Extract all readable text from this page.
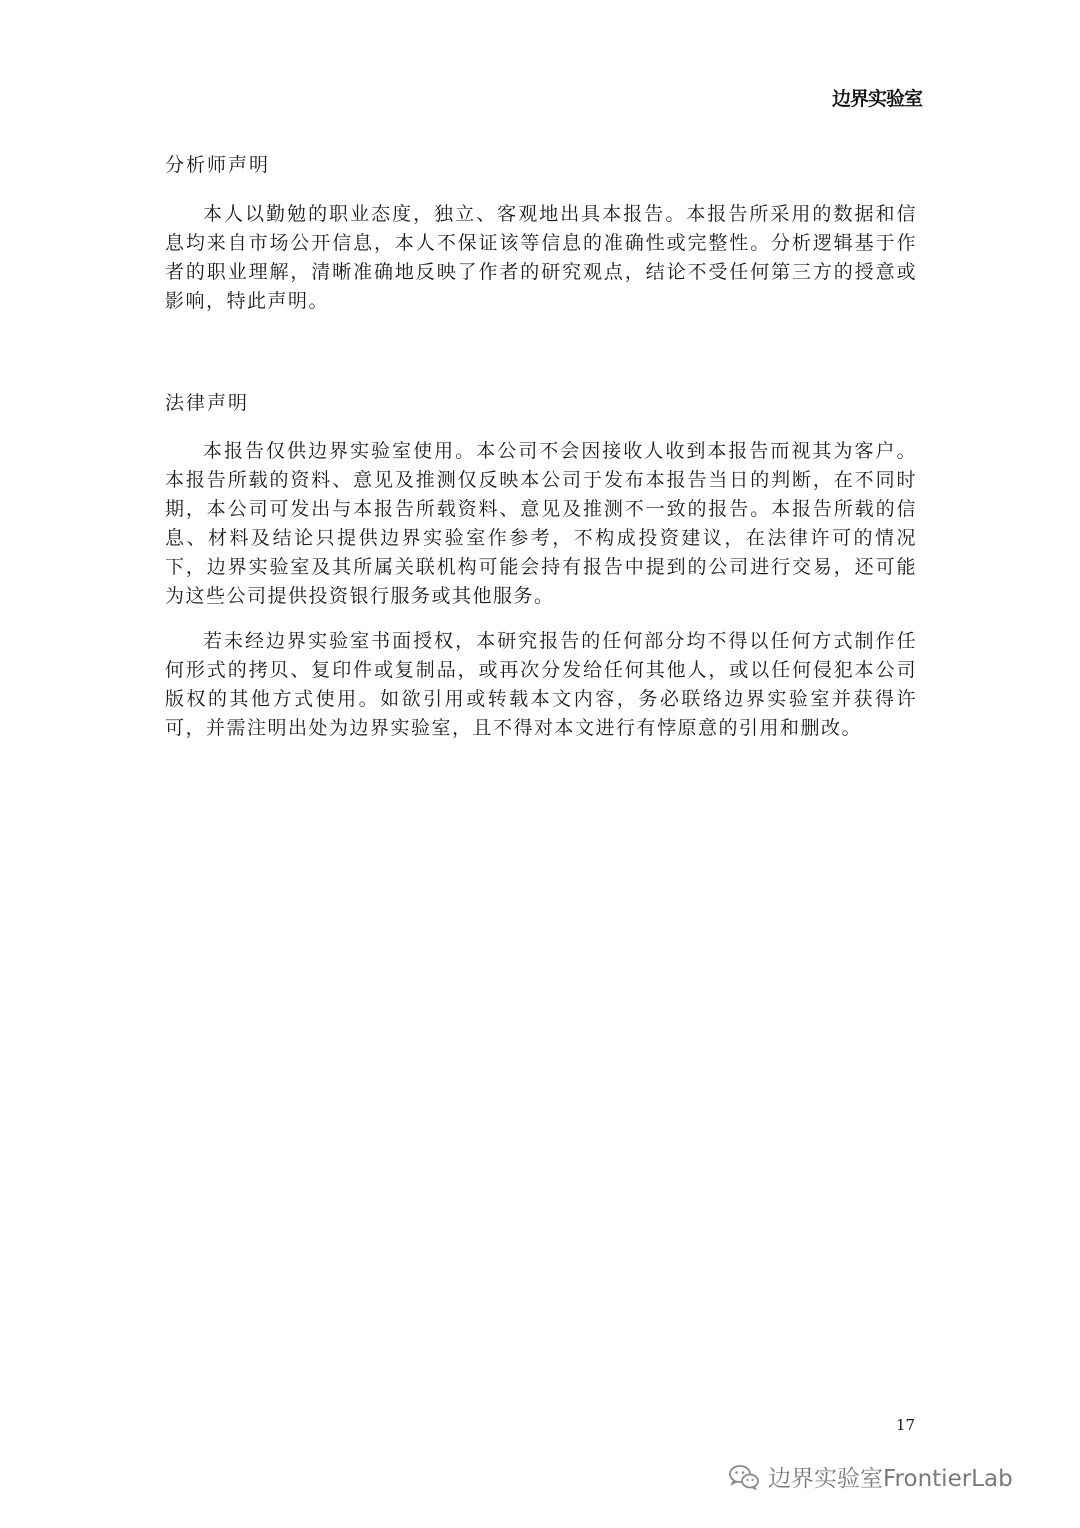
边界实验室
分析师声明

本人以勤勉的职业态度，独立、客观地出具本报告。本报告所采用的数据和信息均来自市场公开信息，本人不保证该等信息的准确性或完整性。分析逻辑基于作者的职业理解，清晰准确地反映了作者的研究观点，结论不受任何第三方的授意或影响，特此声明。

法律声明

本报告仅供边界实验室使用。本公司不会因接收人收到本报告而视其为客户。本报告所载的资料、意见及推测仅反映本公司于发布本报告当日的判断，在不同时期，本公司可发出与本报告所载资料、意见及推测不一致的报告。本报告所载的信息、材料及结论只提供边界实验室作参考，不构成投资建议，在法律许可的情况下，边界实验室及其所属关联机构可能会持有报告中提到的公司进行交易，还可能为这些公司提供投资银行服务或其他服务。

若未经边界实验室书面授权，本研究报告的任何部分均不得以任何方式制作任何形式的拷贝、复印件或复制品，或再次分发给任何其他人，或以任何侵犯本公司版权的其他方式使用。如欲引用或转载本文内容，务必联络边界实验室并获得许可，并需注明出处为边界实验室，且不得对本文进行有悖原意的引用和删改。

17
边界实验室FrontierLab
